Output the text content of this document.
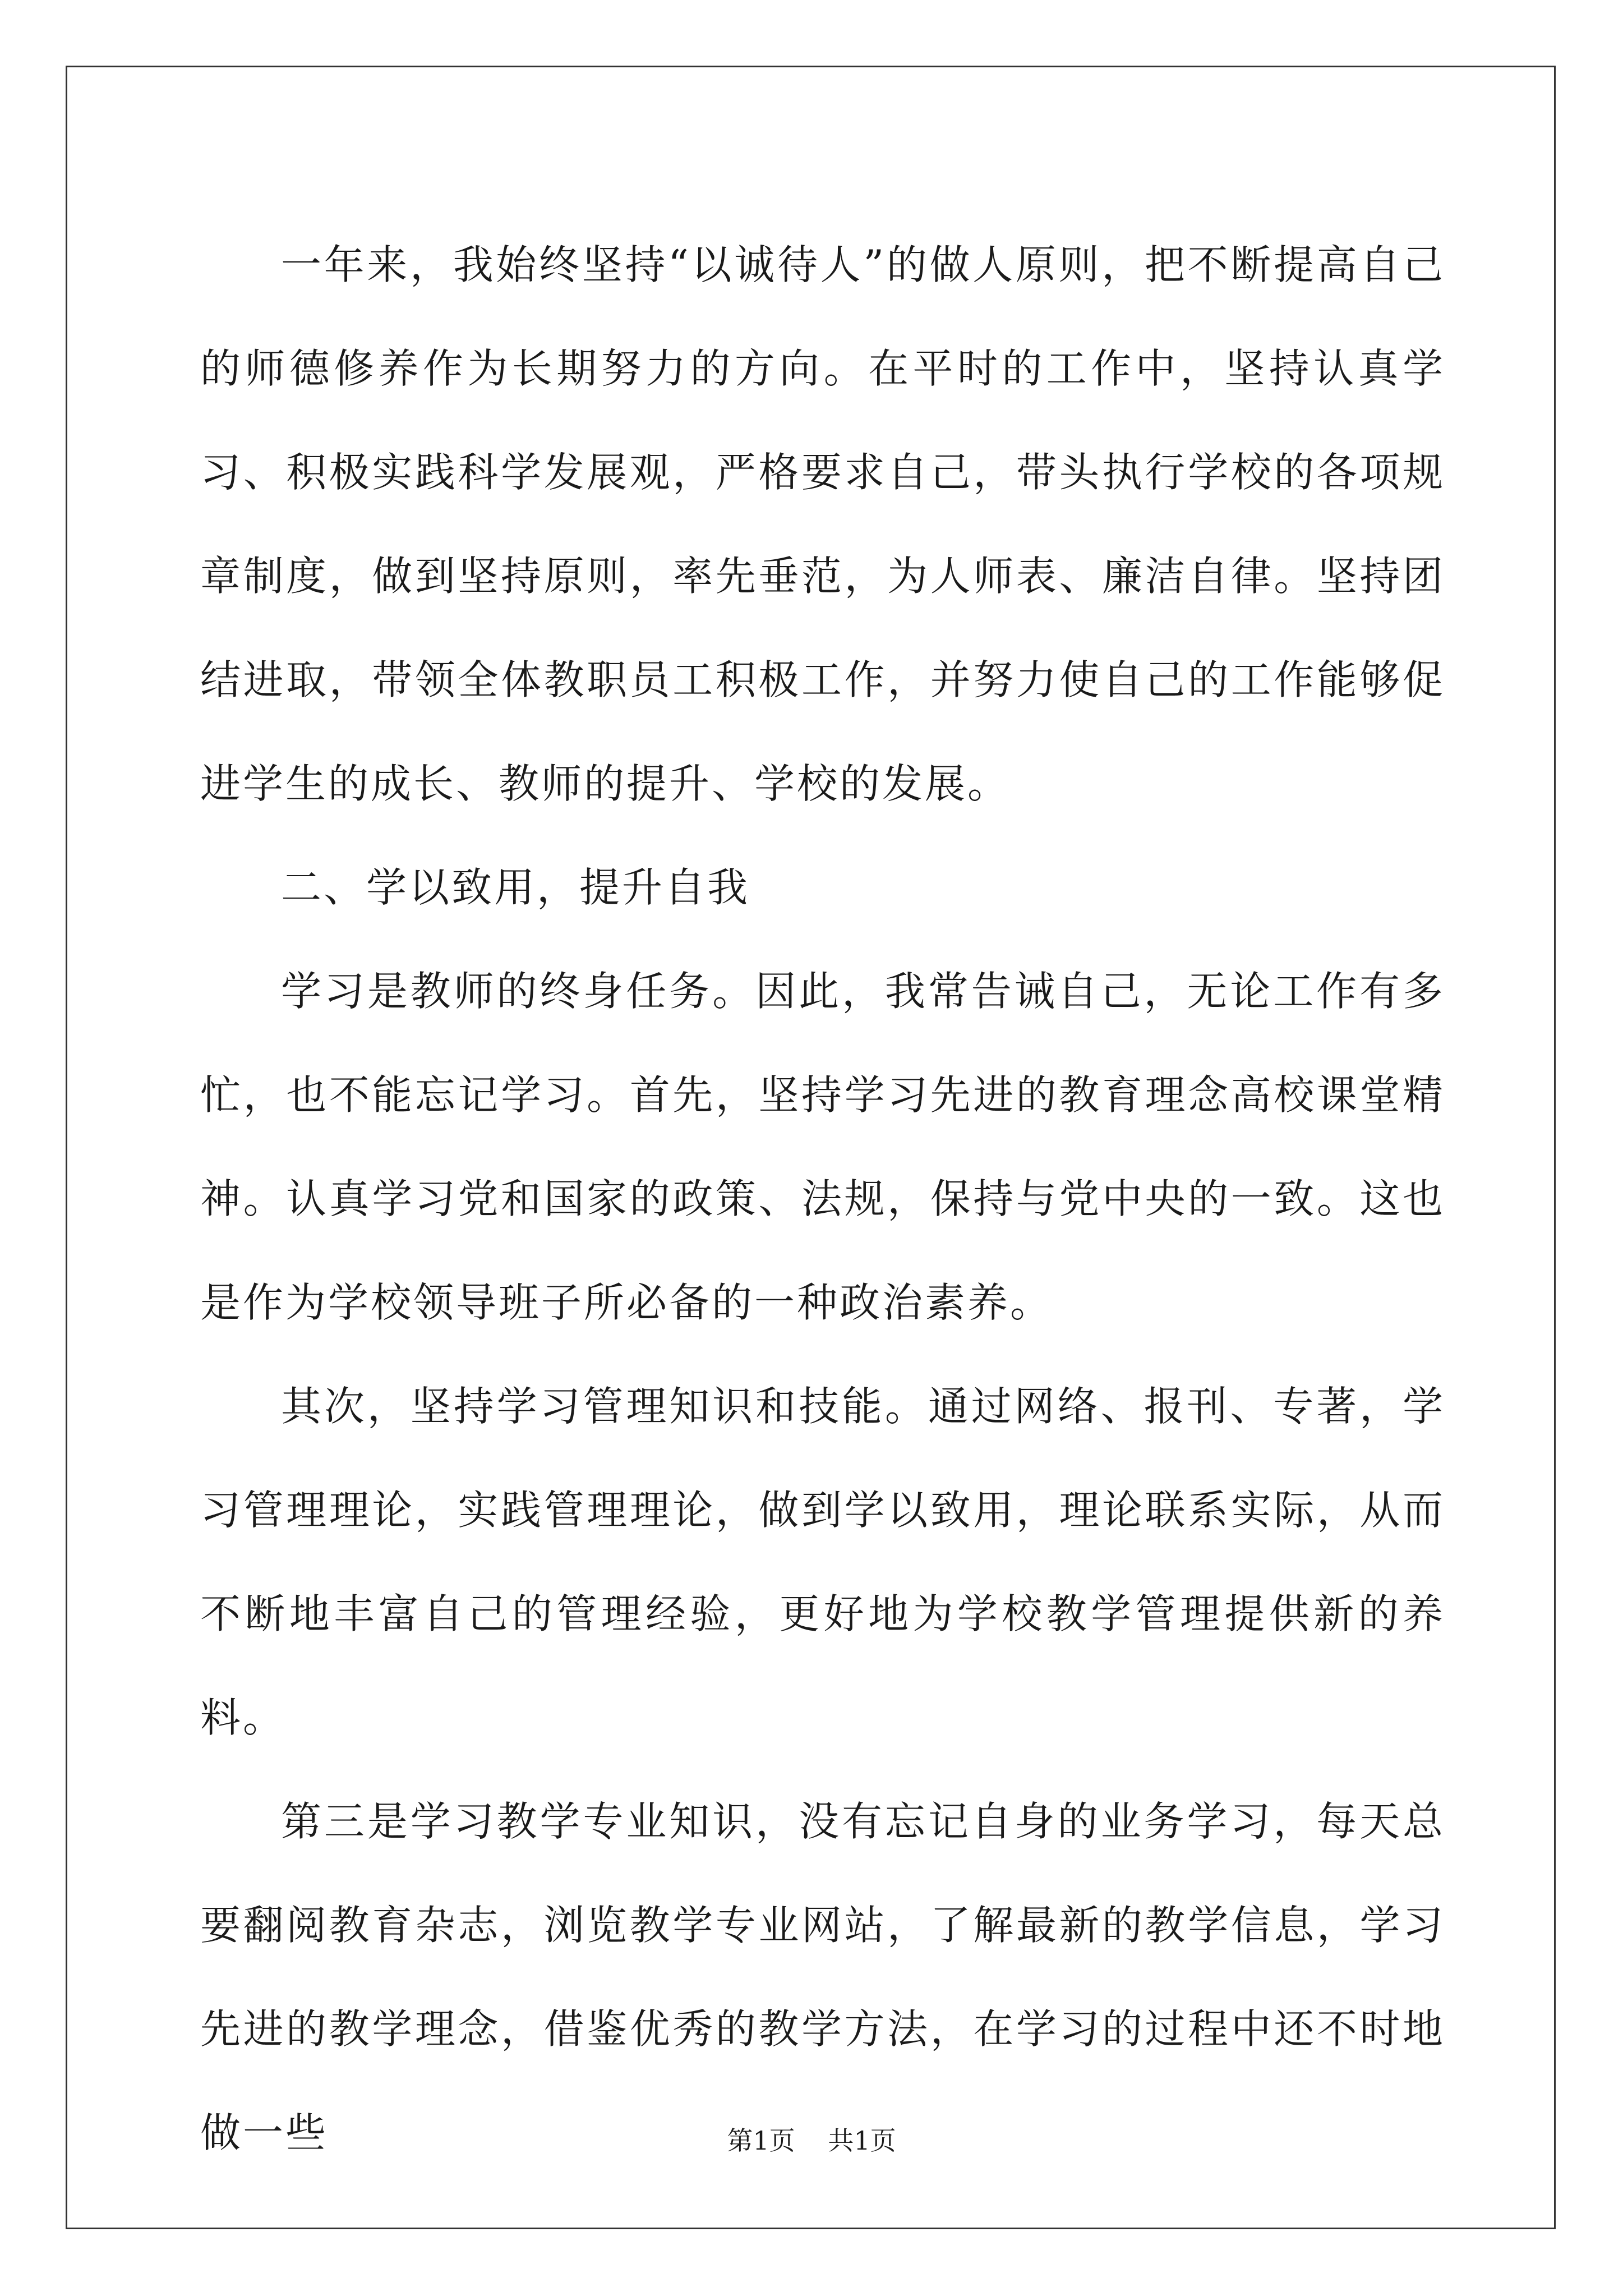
一年来，我始终坚持“以诚待人”的做人原则，把不断提高自己的师德修养作为长期努力的方向。在平时的工作中，坚持认真学习、积极实践科学发展观，严格要求自己，带头执行学校的各项规章制度，做到坚持原则，率先垂范，为人师表、廉洁自律。坚持团结进取，带领全体教职员工积极工作，并努力使自己的工作能够促进学生的成长、教师的提升、学校的发展。

二、学以致用，提升自我

学习是教师的终身任务。因此，我常告诫自己，无论工作有多忙，也不能忘记学习。首先，坚持学习先进的教育理念高校课堂精神。认真学习党和国家的政策、法规，保持与党中央的一致。这也是作为学校领导班子所必备的一种政治素养。

其次，坚持学习管理知识和技能。通过网络、报刊、专著，学习管理理论，实践管理理论，做到学以致用，理论联系实际，从而不断地丰富自己的管理经验，更好地为学校教学管理提供新的养料。

第三是学习教学专业知识，没有忘记自身的业务学习，每天总要翻阅教育杂志，浏览教学专业网站，了解最新的教学信息，学习先进的教学理念，借鉴优秀的教学方法，在学习的过程中还不时地做一些	第1页 共1页
